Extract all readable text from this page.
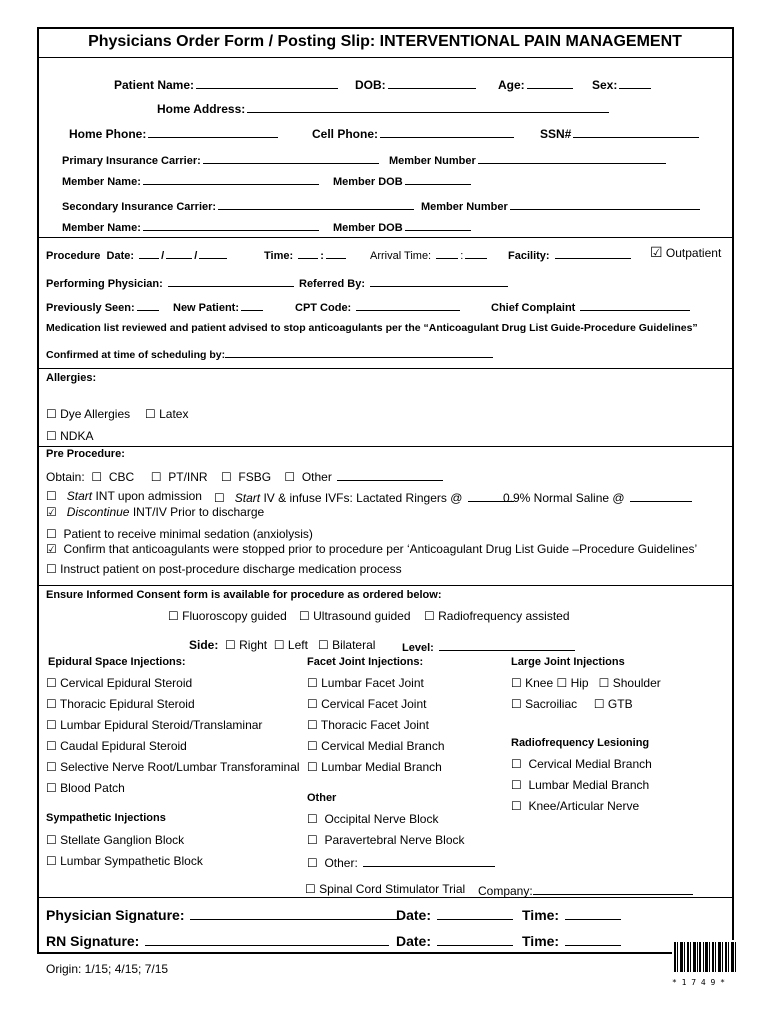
Physicians Order Form / Posting Slip: INTERVENTIONAL PAIN MANAGEMENT
Patient Name:	DOB:	Age:	Sex:
Home Address:
Home Phone:	Cell Phone:	SSN#
Primary Insurance Carrier:	Member Number
Member Name:	Member DOB
Secondary Insurance Carrier:	Member Number
Member Name:	Member DOB
Procedure Date: /	/	Time: :	Arrival Time:	:	Facility:	☑ Outpatient
Performing Physician:	Referred By:
Previously Seen:	New Patient:	CPT Code:	Chief Complaint
Medication list reviewed and patient advised to stop anticoagulants per the “Anticoagulant Drug List Guide-Procedure Guidelines”
Confirmed at time of scheduling by:
Allergies:
☐ Dye Allergies ☐ Latex
☐ NDKA
Pre Procedure:
Obtain: ☐ CBC ☐ PT/INR ☐ FSBG ☐ Other
☐ Start INT upon admission ☐ Start IV & infuse IVFs: Lactated Ringers @	0.9% Normal Saline @
☑ Discontinue INT/IV Prior to discharge
☐ Patient to receive minimal sedation (anxiolysis)
☑ Confirm that anticoagulants were stopped prior to procedure per ‘Anticoagulant Drug List Guide –Procedure Guidelines’
☐ Instruct patient on post-procedure discharge medication process
Ensure Informed Consent form is available for procedure as ordered below:
☐ Fluoroscopy guided ☐ Ultrasound guided ☐ Radiofrequency assisted
Side: ☐ Right ☐ Left ☐ Bilateral Level:
Epidural Space Injections:
☐ Cervical Epidural Steroid
☐ Thoracic Epidural Steroid
☐ Lumbar Epidural Steroid/Translaminar
☐ Caudal Epidural Steroid
☐ Selective Nerve Root/Lumbar Transforaminal
☐ Blood Patch
Sympathetic Injections
☐ Stellate Ganglion Block
☐ Lumbar Sympathetic Block
Facet Joint Injections:
☐ Lumbar Facet Joint
☐ Cervical Facet Joint
☐ Thoracic Facet Joint
☐ Cervical Medial Branch
☐ Lumbar Medial Branch
Other
☐ Occipital Nerve Block
☐ Paravertebral Nerve Block
☐ Other:
Large Joint Injections
☐ Knee ☐ Hip ☐ Shoulder
☐ Sacroiliac ☐ GTB
Radiofrequency Lesioning
☐ Cervical Medial Branch
☐ Lumbar Medial Branch
☐ Knee/Articular Nerve
☐ Spinal Cord Stimulator Trial Company:
Physician Signature:	Date:	Time:
RN Signature:	Date:	Time:
Origin: 1/15; 4/15; 7/15
* 1 7 4 9 *
